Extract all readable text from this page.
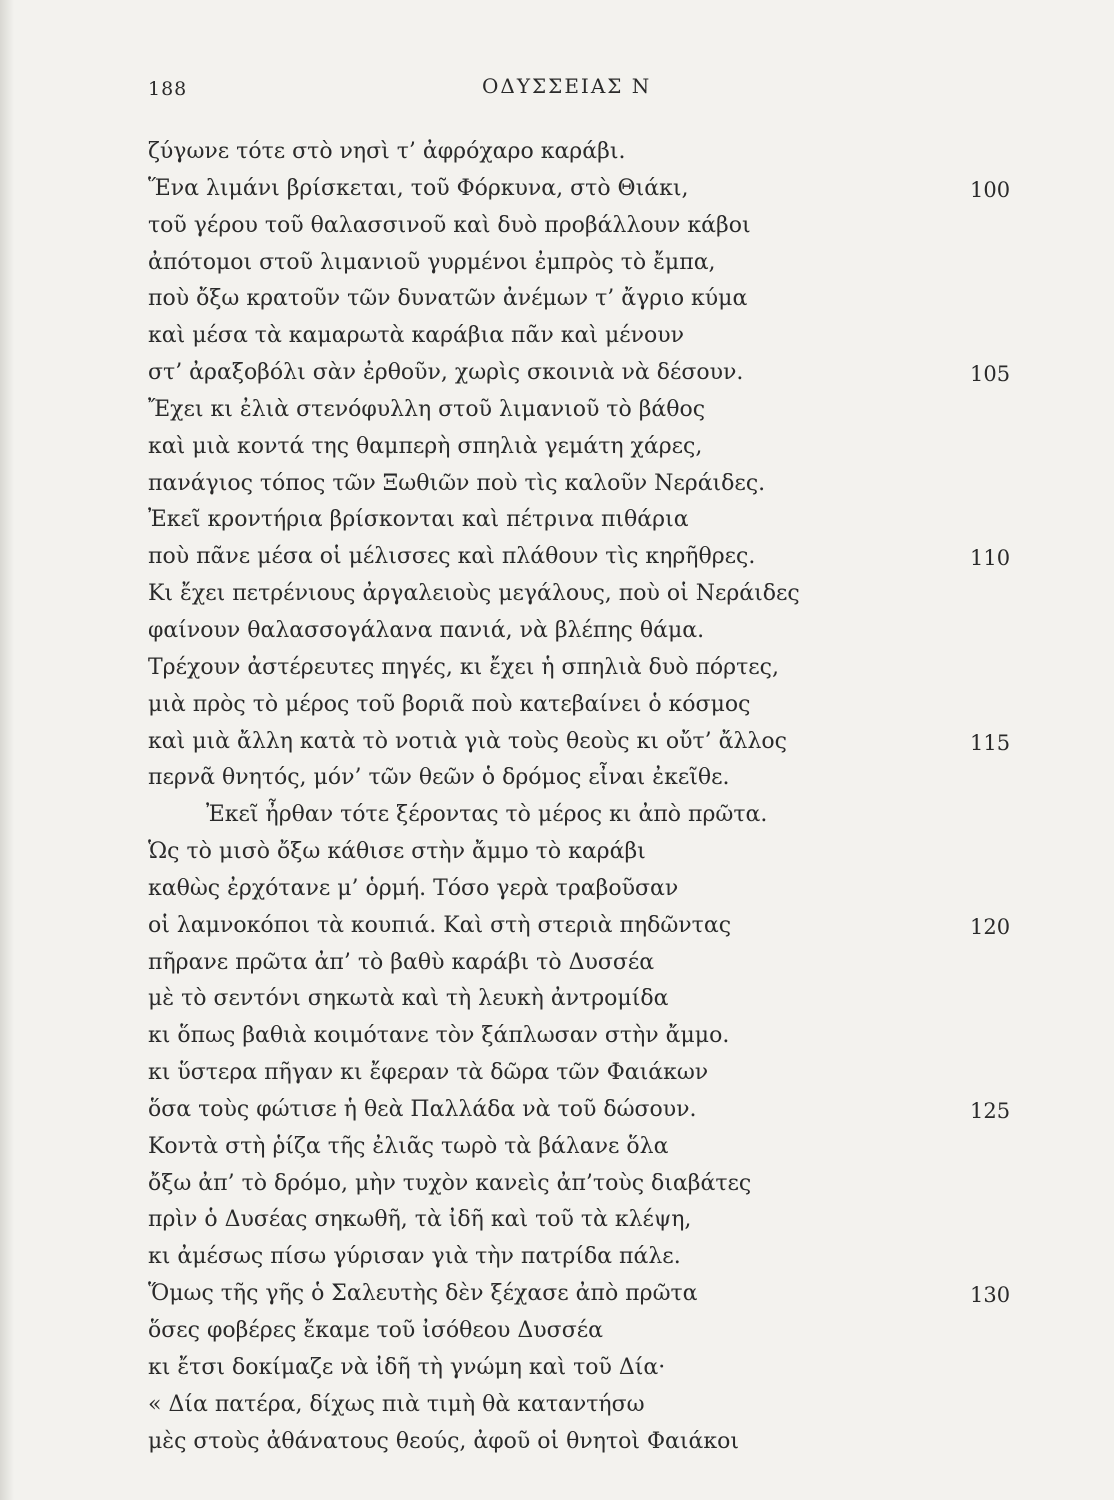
188	ΟΔΥΣΣΕΙΑΣ Ν
ζύγωνε τότε στὸ νησὶ τ’ ἀφρόχαρο καράβι.
Ἕνα λιμάνι βρίσκεται, τοῦ Φόρκυνα, στὸ Θιάκι,	100
τοῦ γέρου τοῦ θαλασσινοῦ καὶ δυὸ προβάλλουν κάβοι
ἀπότομοι στοῦ λιμανιοῦ γυρμένοι ἐμπρὸς τὸ ἔμπα,
ποὺ ὄξω κρατοῦν τῶν δυνατῶν ἀνέμων τ’ ἄγριο κύμα
καὶ μέσα τὰ καμαρωτὰ καράβια πᾶν καὶ μένουν
στ’ ἀραξοβόλι σὰν ἐρθοῦν, χωρὶς σκοινιὰ νὰ δέσουν.	105
Ἔχει κι ἐλιὰ στενόφυλλη στοῦ λιμανιοῦ τὸ βάθος
καὶ μιὰ κοντά της θαμπερὴ σπηλιὰ γεμάτη χάρες,
πανάγιος τόπος τῶν Ξωθιῶν ποὺ τὶς καλοῦν Νεράιδες.
Ἐκεῖ κροντήρια βρίσκονται καὶ πέτρινα πιθάρια
ποὺ πᾶνε μέσα οἱ μέλισσες καὶ πλάθουν τὶς κηρῆθρες.	110
Κι ἔχει πετρένιους ἀργαλειοὺς μεγάλους, ποὺ οἱ Νεράιδες
φαίνουν θαλασσογάλανα πανιά, νὰ βλέπης θάμα.
Τρέχουν ἀστέρευτες πηγές, κι ἔχει ἡ σπηλιὰ δυὸ πόρτες,
μιὰ πρὸς τὸ μέρος τοῦ βοριᾶ ποὺ κατεβαίνει ὁ κόσμος
καὶ μιὰ ἄλλη κατὰ τὸ νοτιὰ γιὰ τοὺς θεοὺς κι οὔτ’ ἄλλος	115
περνᾶ θνητός, μόν’ τῶν θεῶν ὁ δρόμος εἶναι ἐκεῖθε.
Ἐκεῖ ἦρθαν τότε ξέροντας τὸ μέρος κι ἀπὸ πρῶτα.
Ὡς τὸ μισὸ ὄξω κάθισε στὴν ἄμμο τὸ καράβι
καθὼς ἐρχότανε μ’ ὁρμή. Τόσο γερὰ τραβοῦσαν
οἱ λαμνοκόποι τὰ κουπιά. Καὶ στὴ στεριὰ πηδῶντας	120
πῆρανε πρῶτα ἀπ’ τὸ βαθὺ καράβι τὸ Δυσσέα
μὲ τὸ σεντόνι σηκωτὰ καὶ τὴ λευκὴ ἀντρομίδα
κι ὅπως βαθιὰ κοιμότανε τὸν ξάπλωσαν στὴν ἄμμο.
κι ὕστερα πῆγαν κι ἔφεραν τὰ δῶρα τῶν Φαιάκων
ὅσα τοὺς φώτισε ἡ θεὰ Παλλάδα νὰ τοῦ δώσουν.	125
Κοντὰ στὴ ῥίζα τῆς ἐλιᾶς τωρὸ τὰ βάλανε ὅλα
ὄξω ἀπ’ τὸ δρόμο, μὴν τυχὸν κανεὶς ἀπ’τοὺς διαβάτες
πρὶν ὁ Δυσέας σηκωθῆ, τὰ ἰδῆ καὶ τοῦ τὰ κλέψη,
κι ἀμέσως πίσω γύρισαν γιὰ τὴν πατρίδα πάλε.
Ὅμως τῆς γῆς ὁ Σαλευτὴς δὲν ξέχασε ἀπὸ πρῶτα	130
ὅσες φοβέρες ἔκαμε τοῦ ἰσόθεου Δυσσέα
κι ἔτσι δοκίμαζε νὰ ἰδῆ τὴ γνώμη καὶ τοῦ Δία·
« Δία πατέρα, δίχως πιὰ τιμὴ θὰ καταντήσω
μὲς στοὺς ἀθάνατους θεούς, ἀφοῦ οἱ θνητοὶ Φαιάκοι
